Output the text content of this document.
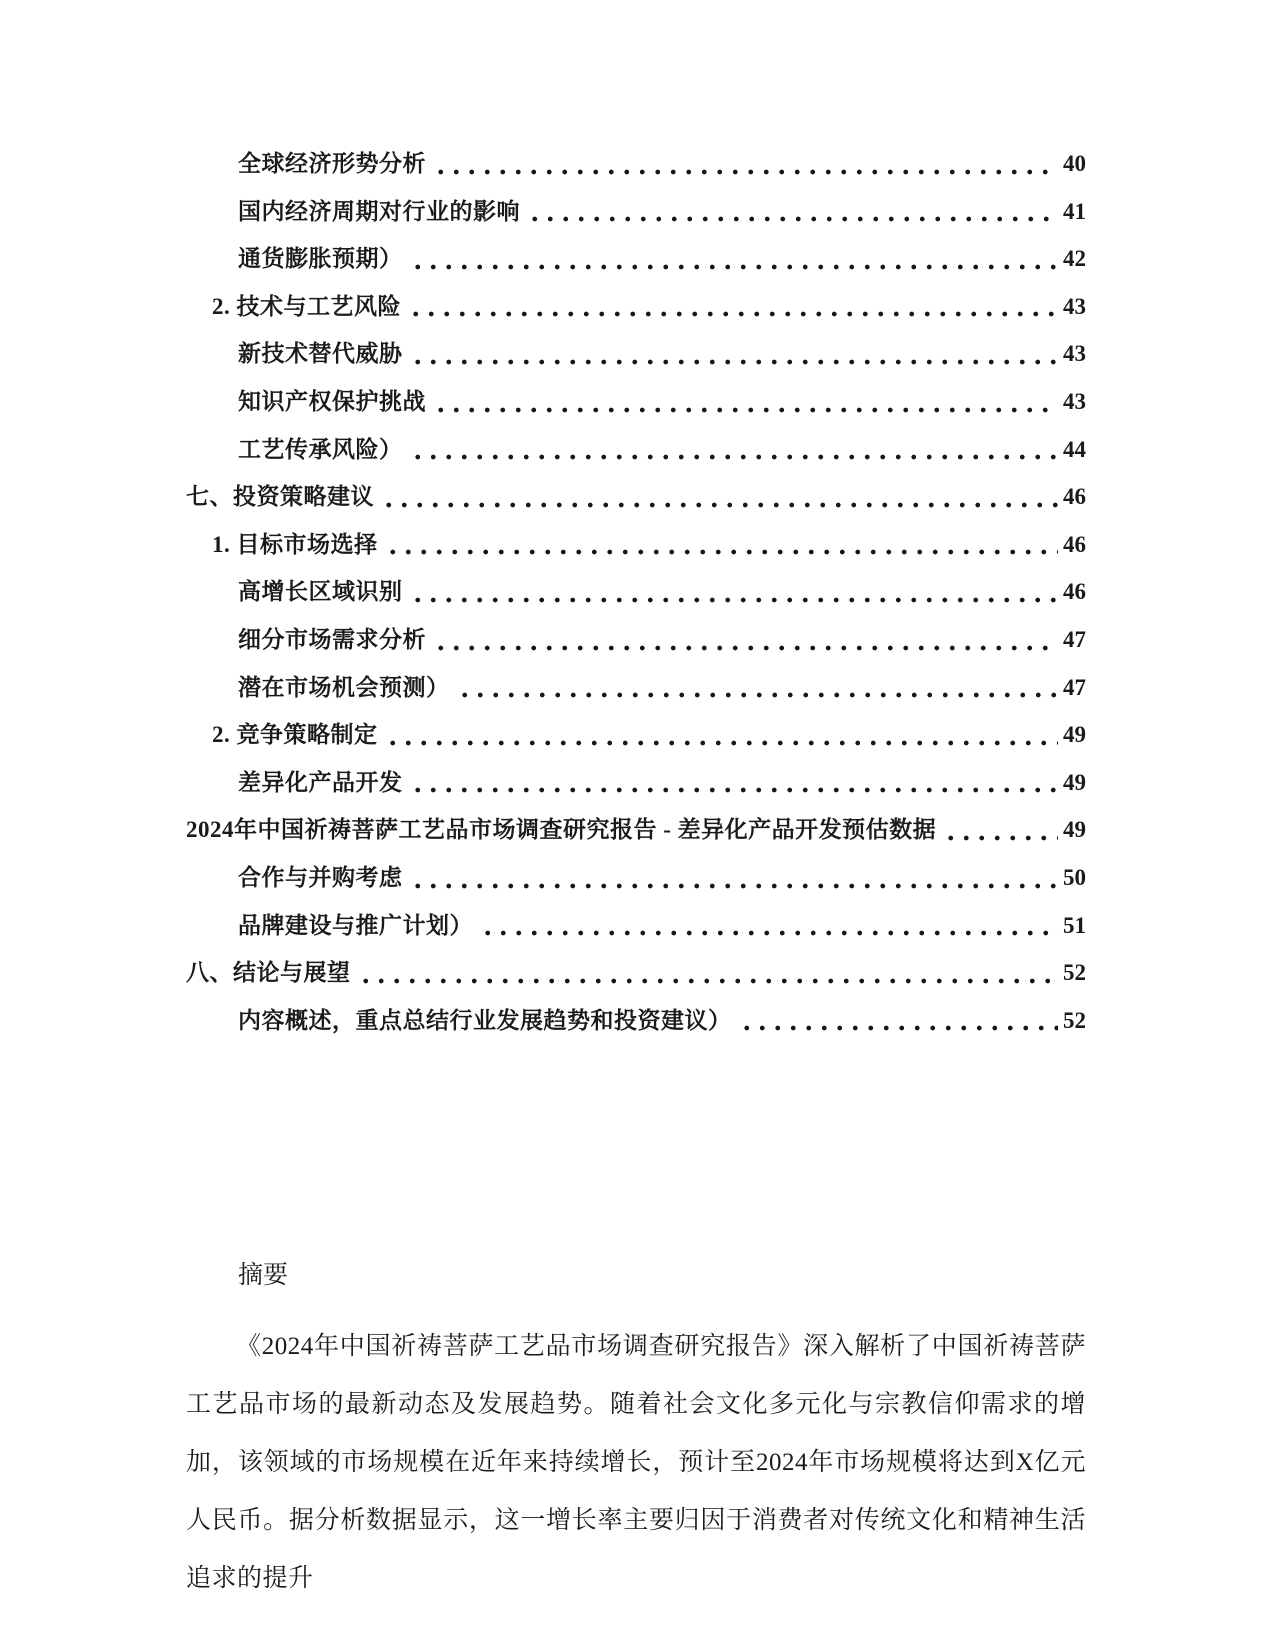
全球经济形势分析	40
国内经济周期对行业的影响	41
通货膨胀预期）	42
2. 技术与工艺风险	43
新技术替代威胁	43
知识产权保护挑战	43
工艺传承风险）	44
七、投资策略建议	46
1. 目标市场选择	46
高增长区域识别	46
细分市场需求分析	47
潜在市场机会预测）	47
2. 竞争策略制定	49
差异化产品开发	49
2024年中国祈祷菩萨工艺品市场调查研究报告 - 差异化产品开发预估数据	49
合作与并购考虑	50
品牌建设与推广计划）	51
八、结论与展望	52
内容概述，重点总结行业发展趋势和投资建议）	52

摘要

《2024年中国祈祷菩萨工艺品市场调查研究报告》深入解析了中国祈祷菩萨工艺品市场的最新动态及发展趋势。随着社会文化多元化与宗教信仰需求的增加，该领域的市场规模在近年来持续增长，预计至2024年市场规模将达到X亿元人民币。据分析数据显示，这一增长率主要归因于消费者对传统文化和精神生活追求的提升
